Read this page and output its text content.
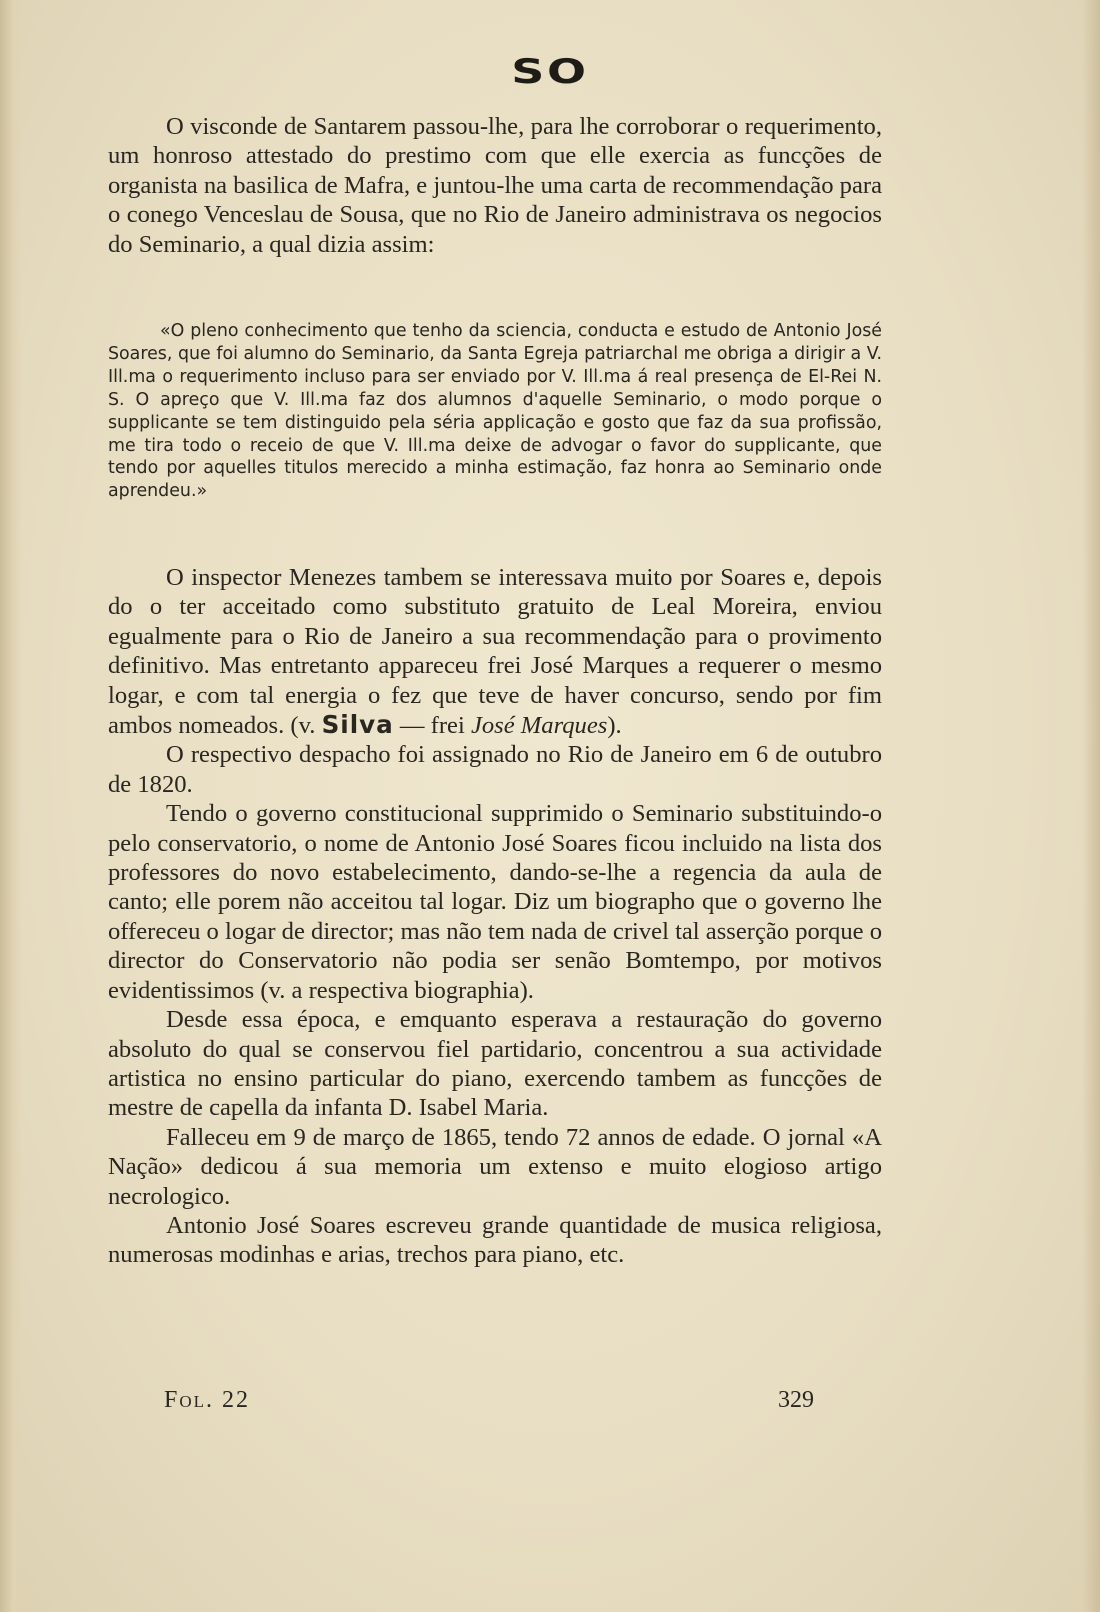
SO

O visconde de Santarem passou-lhe, para lhe corroborar o requerimento, um honroso attestado do prestimo com que elle exercia as funcções de organista na basilica de Mafra, e juntou-lhe uma carta de recommendação para o conego Venceslau de Sousa, que no Rio de Janeiro administrava os negocios do Seminario, a qual dizia assim:

«O pleno conhecimento que tenho da sciencia, conducta e estudo de Antonio José Soares, que foi alumno do Seminario, da Santa Egreja patriarchal me obriga a dirigir a V. Ill.ma o requerimento incluso para ser enviado por V. Ill.ma á real presença de El-Rei N. S. O apreço que V. Ill.ma faz dos alumnos d'aquelle Seminario, o modo porque o supplicante se tem distinguido pela séria applicação e gosto que faz da sua profissão, me tira todo o receio de que V. Ill.ma deixe de advogar o favor do supplicante, que tendo por aquelles titulos merecido a minha estimação, faz honra ao Seminario onde aprendeu.»

O inspector Menezes tambem se interessava muito por Soares e, depois do o ter acceitado como substituto gratuito de Leal Moreira, enviou egualmente para o Rio de Janeiro a sua recommendação para o provimento definitivo. Mas entretanto appareceu frei José Marques a requerer o mesmo logar, e com tal energia o fez que teve de haver concurso, sendo por fim ambos nomeados. (v. Silva — frei José Marques).

O respectivo despacho foi assignado no Rio de Janeiro em 6 de outubro de 1820.

Tendo o governo constitucional supprimido o Seminario substituindo-o pelo conservatorio, o nome de Antonio José Soares ficou incluido na lista dos professores do novo estabelecimento, dando-se-lhe a regencia da aula de canto; elle porem não acceitou tal logar. Diz um biographo que o governo lhe offereceu o logar de director; mas não tem nada de crivel tal asserção porque o director do Conservatorio não podia ser senão Bomtempo, por motivos evidentissimos (v. a respectiva biographia).

Desde essa época, e emquanto esperava a restauração do governo absoluto do qual se conservou fiel partidario, concentrou a sua actividade artistica no ensino particular do piano, exercendo tambem as funcções de mestre de capella da infanta D. Isabel Maria.

Falleceu em 9 de março de 1865, tendo 72 annos de edade. O jornal «A Nação» dedicou á sua memoria um extenso e muito elogioso artigo necrologico.

Antonio José Soares escreveu grande quantidade de musica religiosa, numerosas modinhas e arias, trechos para piano, etc.

Fol. 22	329
